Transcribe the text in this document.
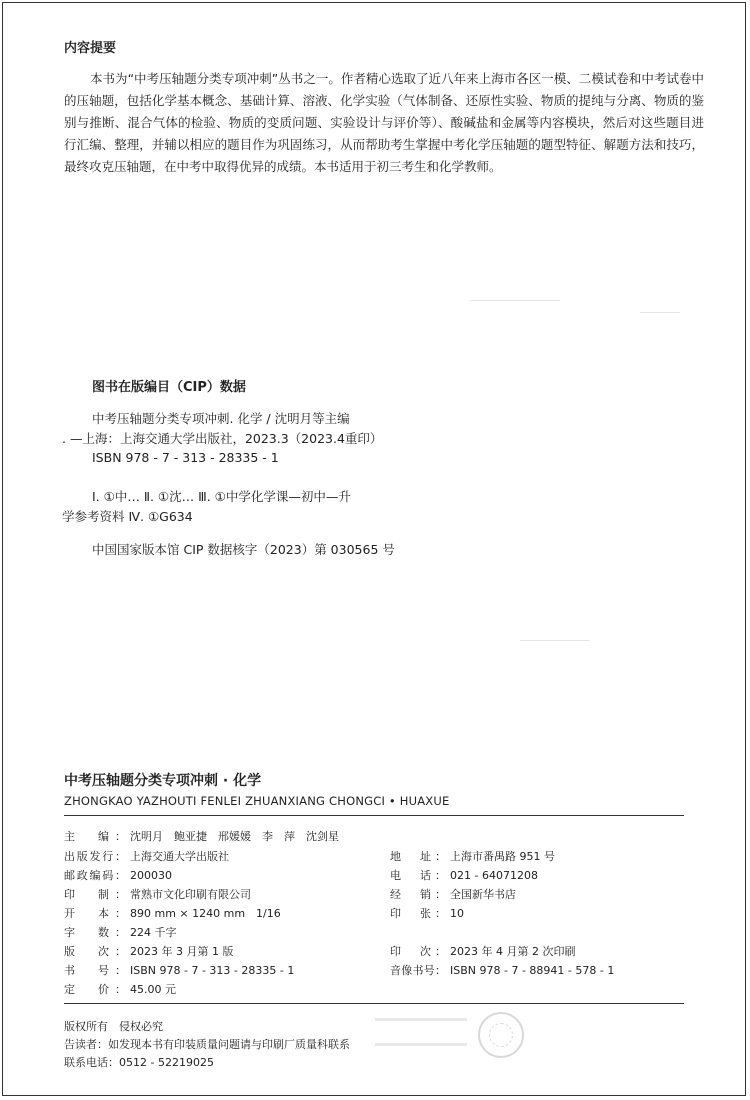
内容提要
本书为“中考压轴题分类专项冲刺”丛书之一。作者精心选取了近八年来上海市各区一模、二模试卷和中考试卷中的压轴题，包括化学基本概念、基础计算、溶液、化学实验（气体制备、还原性实验、物质的提纯与分离、物质的鉴别与推断、混合气体的检验、物质的变质问题、实验设计与评价等）、酸碱盐和金属等内容模块，然后对这些题目进行汇编、整理，并辅以相应的题目作为巩固练习，从而帮助考生掌握中考化学压轴题的题型特征、解题方法和技巧，最终攻克压轴题，在中考中取得优异的成绩。本书适用于初三考生和化学教师。
图书在版编目（CIP）数据
中考压轴题分类专项冲刺. 化学 / 沈明月等主编
. —上海：上海交通大学出版社，2023.3（2023.4重印）
ISBN 978 - 7 - 313 - 28335 - 1
Ⅰ. ①中… Ⅱ. ①沈… Ⅲ. ①中学化学课—初中—升
学参考资料 Ⅳ. ①G634
中国国家版本馆 CIP 数据核字（2023）第 030565 号
中考压轴题分类专项冲刺 · 化学
ZHONGKAO YAZHOUTI FENLEI ZHUANXIANG CHONGCI • HUAXUE
主　编： 沈明月　鲍亚捷　邢媛媛　李　萍　沈剑星
出版发行： 上海交通大学出版社
邮政编码： 200030
印　制： 常熟市文化印刷有限公司
开　本： 890 mm × 1240 mm　1/16
字　数： 224 千字
版　次： 2023 年 3 月第 1 版
书　号： ISBN 978 - 7 - 313 - 28335 - 1
定　价： 45.00 元
地　址： 上海市番禺路 951 号
电　话： 021 - 64071208
经　销： 全国新华书店
印　张： 10
印　次： 2023 年 4 月第 2 次印刷
音像书号： ISBN 978 - 7 - 88941 - 578 - 1
版权所有　侵权必究
告读者：如发现本书有印装质量问题请与印刷厂质量科联系
联系电话：0512 - 52219025
